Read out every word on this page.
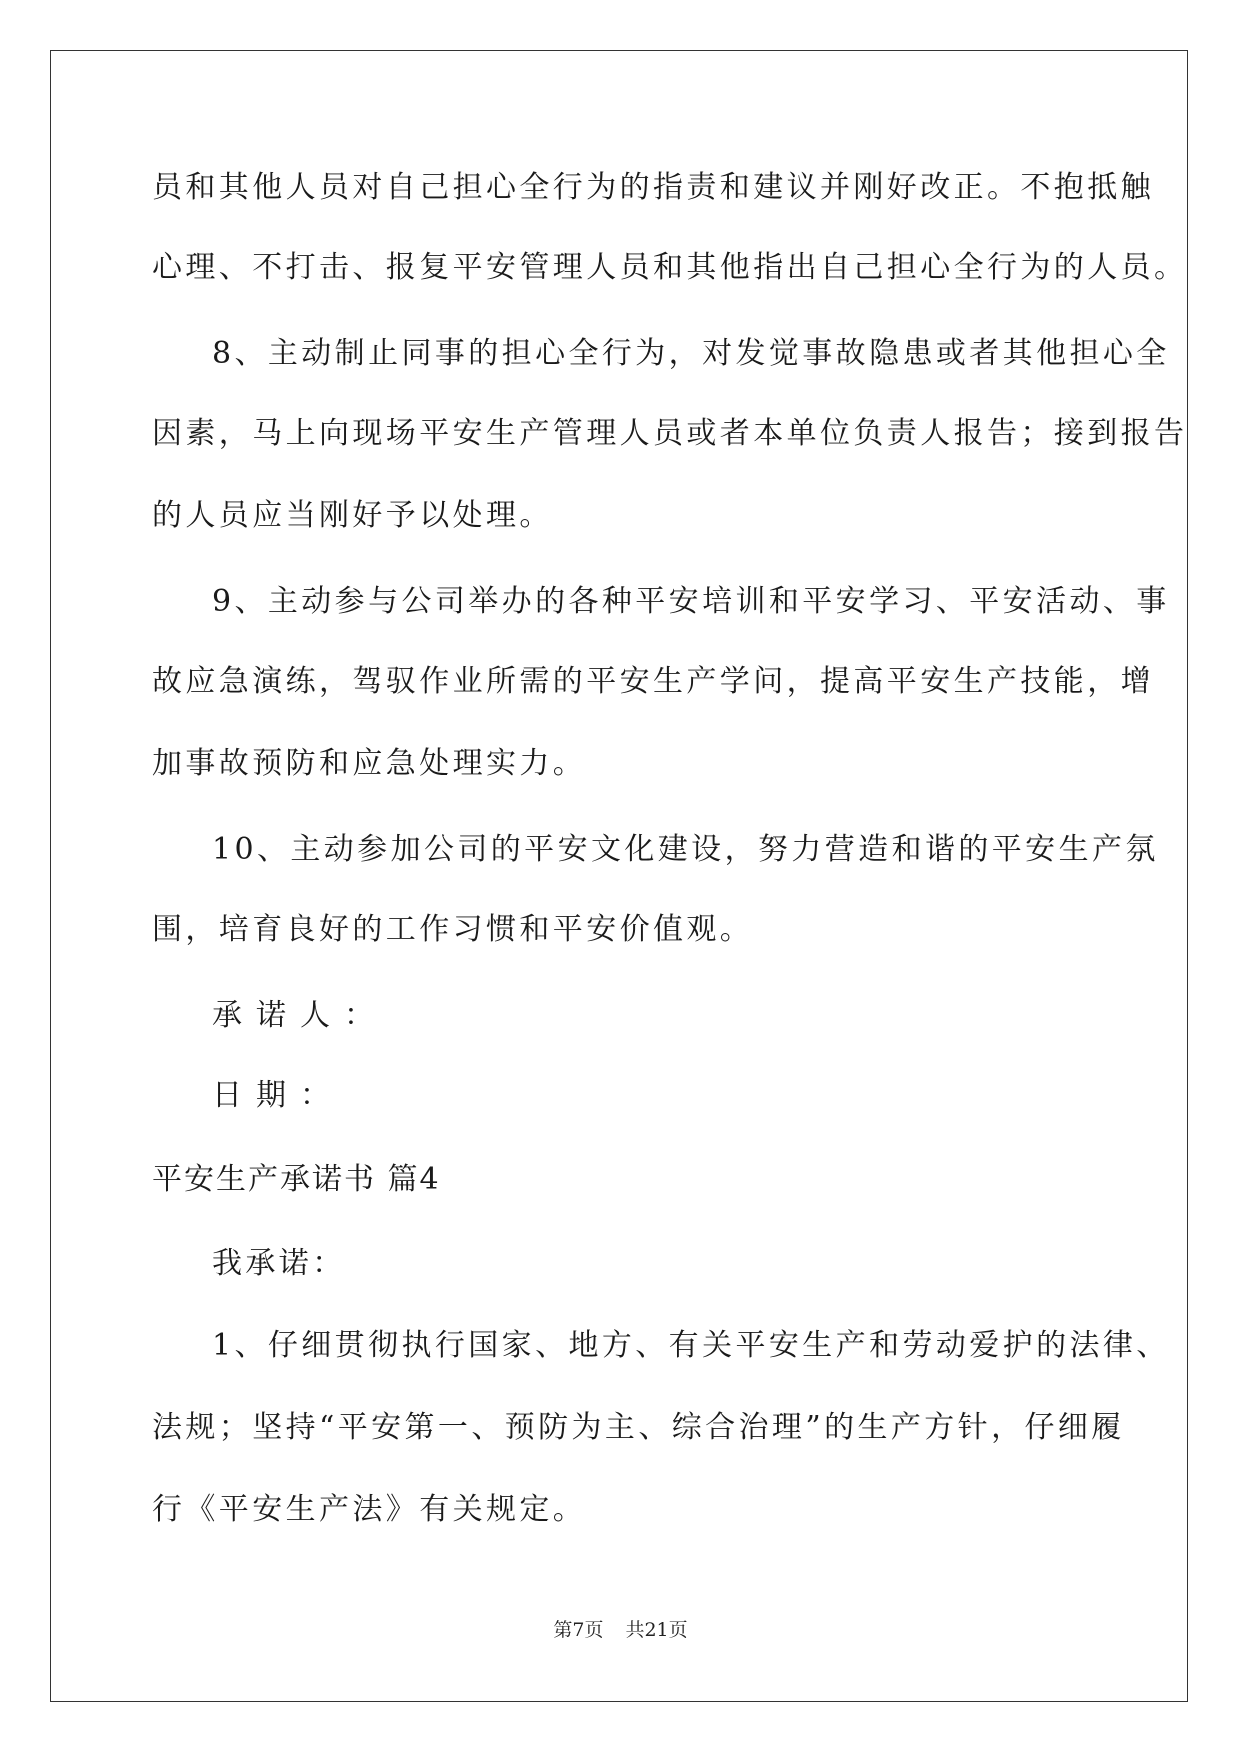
员和其他人员对自己担心全行为的指责和建议并刚好改正。不抱抵触
心理、不打击、报复平安管理人员和其他指出自己担心全行为的人员。
8、主动制止同事的担心全行为，对发觉事故隐患或者其他担心全
因素，马上向现场平安生产管理人员或者本单位负责人报告；接到报告
的人员应当刚好予以处理。
9、主动参与公司举办的各种平安培训和平安学习、平安活动、事
故应急演练，驾驭作业所需的平安生产学问，提高平安生产技能，增
加事故预防和应急处理实力。
10、主动参加公司的平安文化建设，努力营造和谐的平安生产氛
围，培育良好的工作习惯和平安价值观。
承诺人：
日期：
平安生产承诺书 篇4
我承诺：
1、仔细贯彻执行国家、地方、有关平安生产和劳动爱护的法律、
法规；坚持“平安第一、预防为主、综合治理”的生产方针，仔细履
行《平安生产法》有关规定。
第7页 共21页
